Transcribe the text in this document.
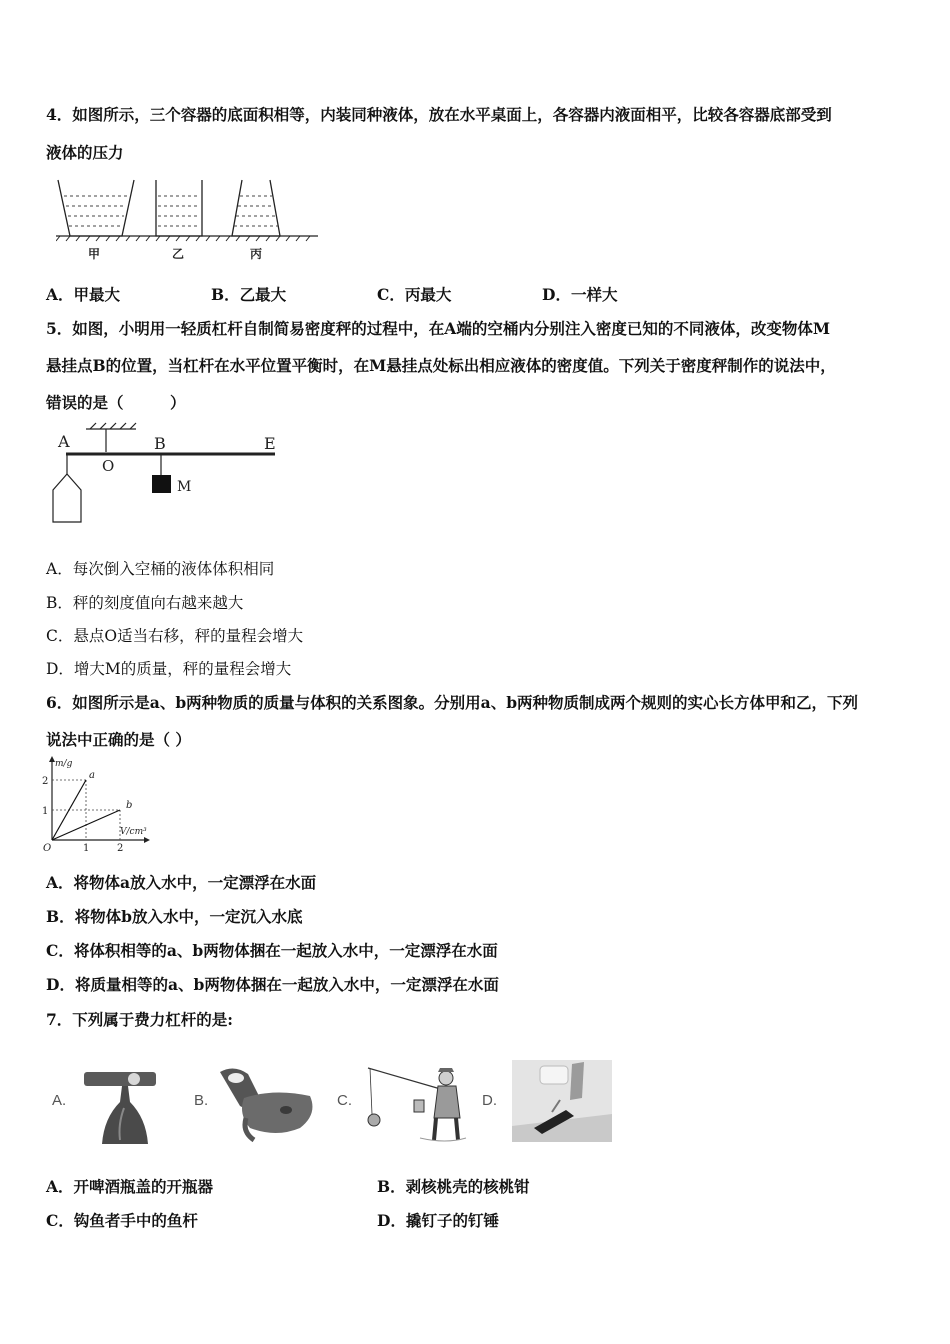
4．如图所示，三个容器的底面积相等，内装同种液体，放在水平桌面上，各容器内液面相平，比较各容器底部受到
液体的压力
甲	乙	丙
A．甲最大	B．乙最大	C．丙最大	D．一样大
5．如图，小明用一轻质杠杆自制简易密度秤的过程中，在A端的空桶内分别注入密度已知的不同液体，改变物体M
悬挂点B的位置，当杠杆在水平位置平衡时，在M悬挂点处标出相应液体的密度值。下列关于密度秤制作的说法中，
错误的是（　　　）
A
O
B	E
M
A．每次倒入空桶的液体体积相同
B．秤的刻度值向右越来越大
C．悬点O适当右移，秤的量程会增大
D．增大M的质量，秤的量程会增大
6．如图所示是a、b两种物质的质量与体积的关系图象。分别用a、b两种物质制成两个规则的实心长方体甲和乙，下列
说法中正确的是（ ）
a
b
1
2
1	2
O
m/g
V/cm³
A．将物体a放入水中，一定漂浮在水面
B．将物体b放入水中，一定沉入水底
C．将体积相等的a、b两物体捆在一起放入水中，一定漂浮在水面
D．将质量相等的a、b两物体捆在一起放入水中，一定漂浮在水面
7．下列属于费力杠杆的是:
A.	B.	C.	D.
A．开啤酒瓶盖的开瓶器	B．剥核桃壳的核桃钳
C．钩鱼者手中的鱼杆	D．撬钉子的钉锤
